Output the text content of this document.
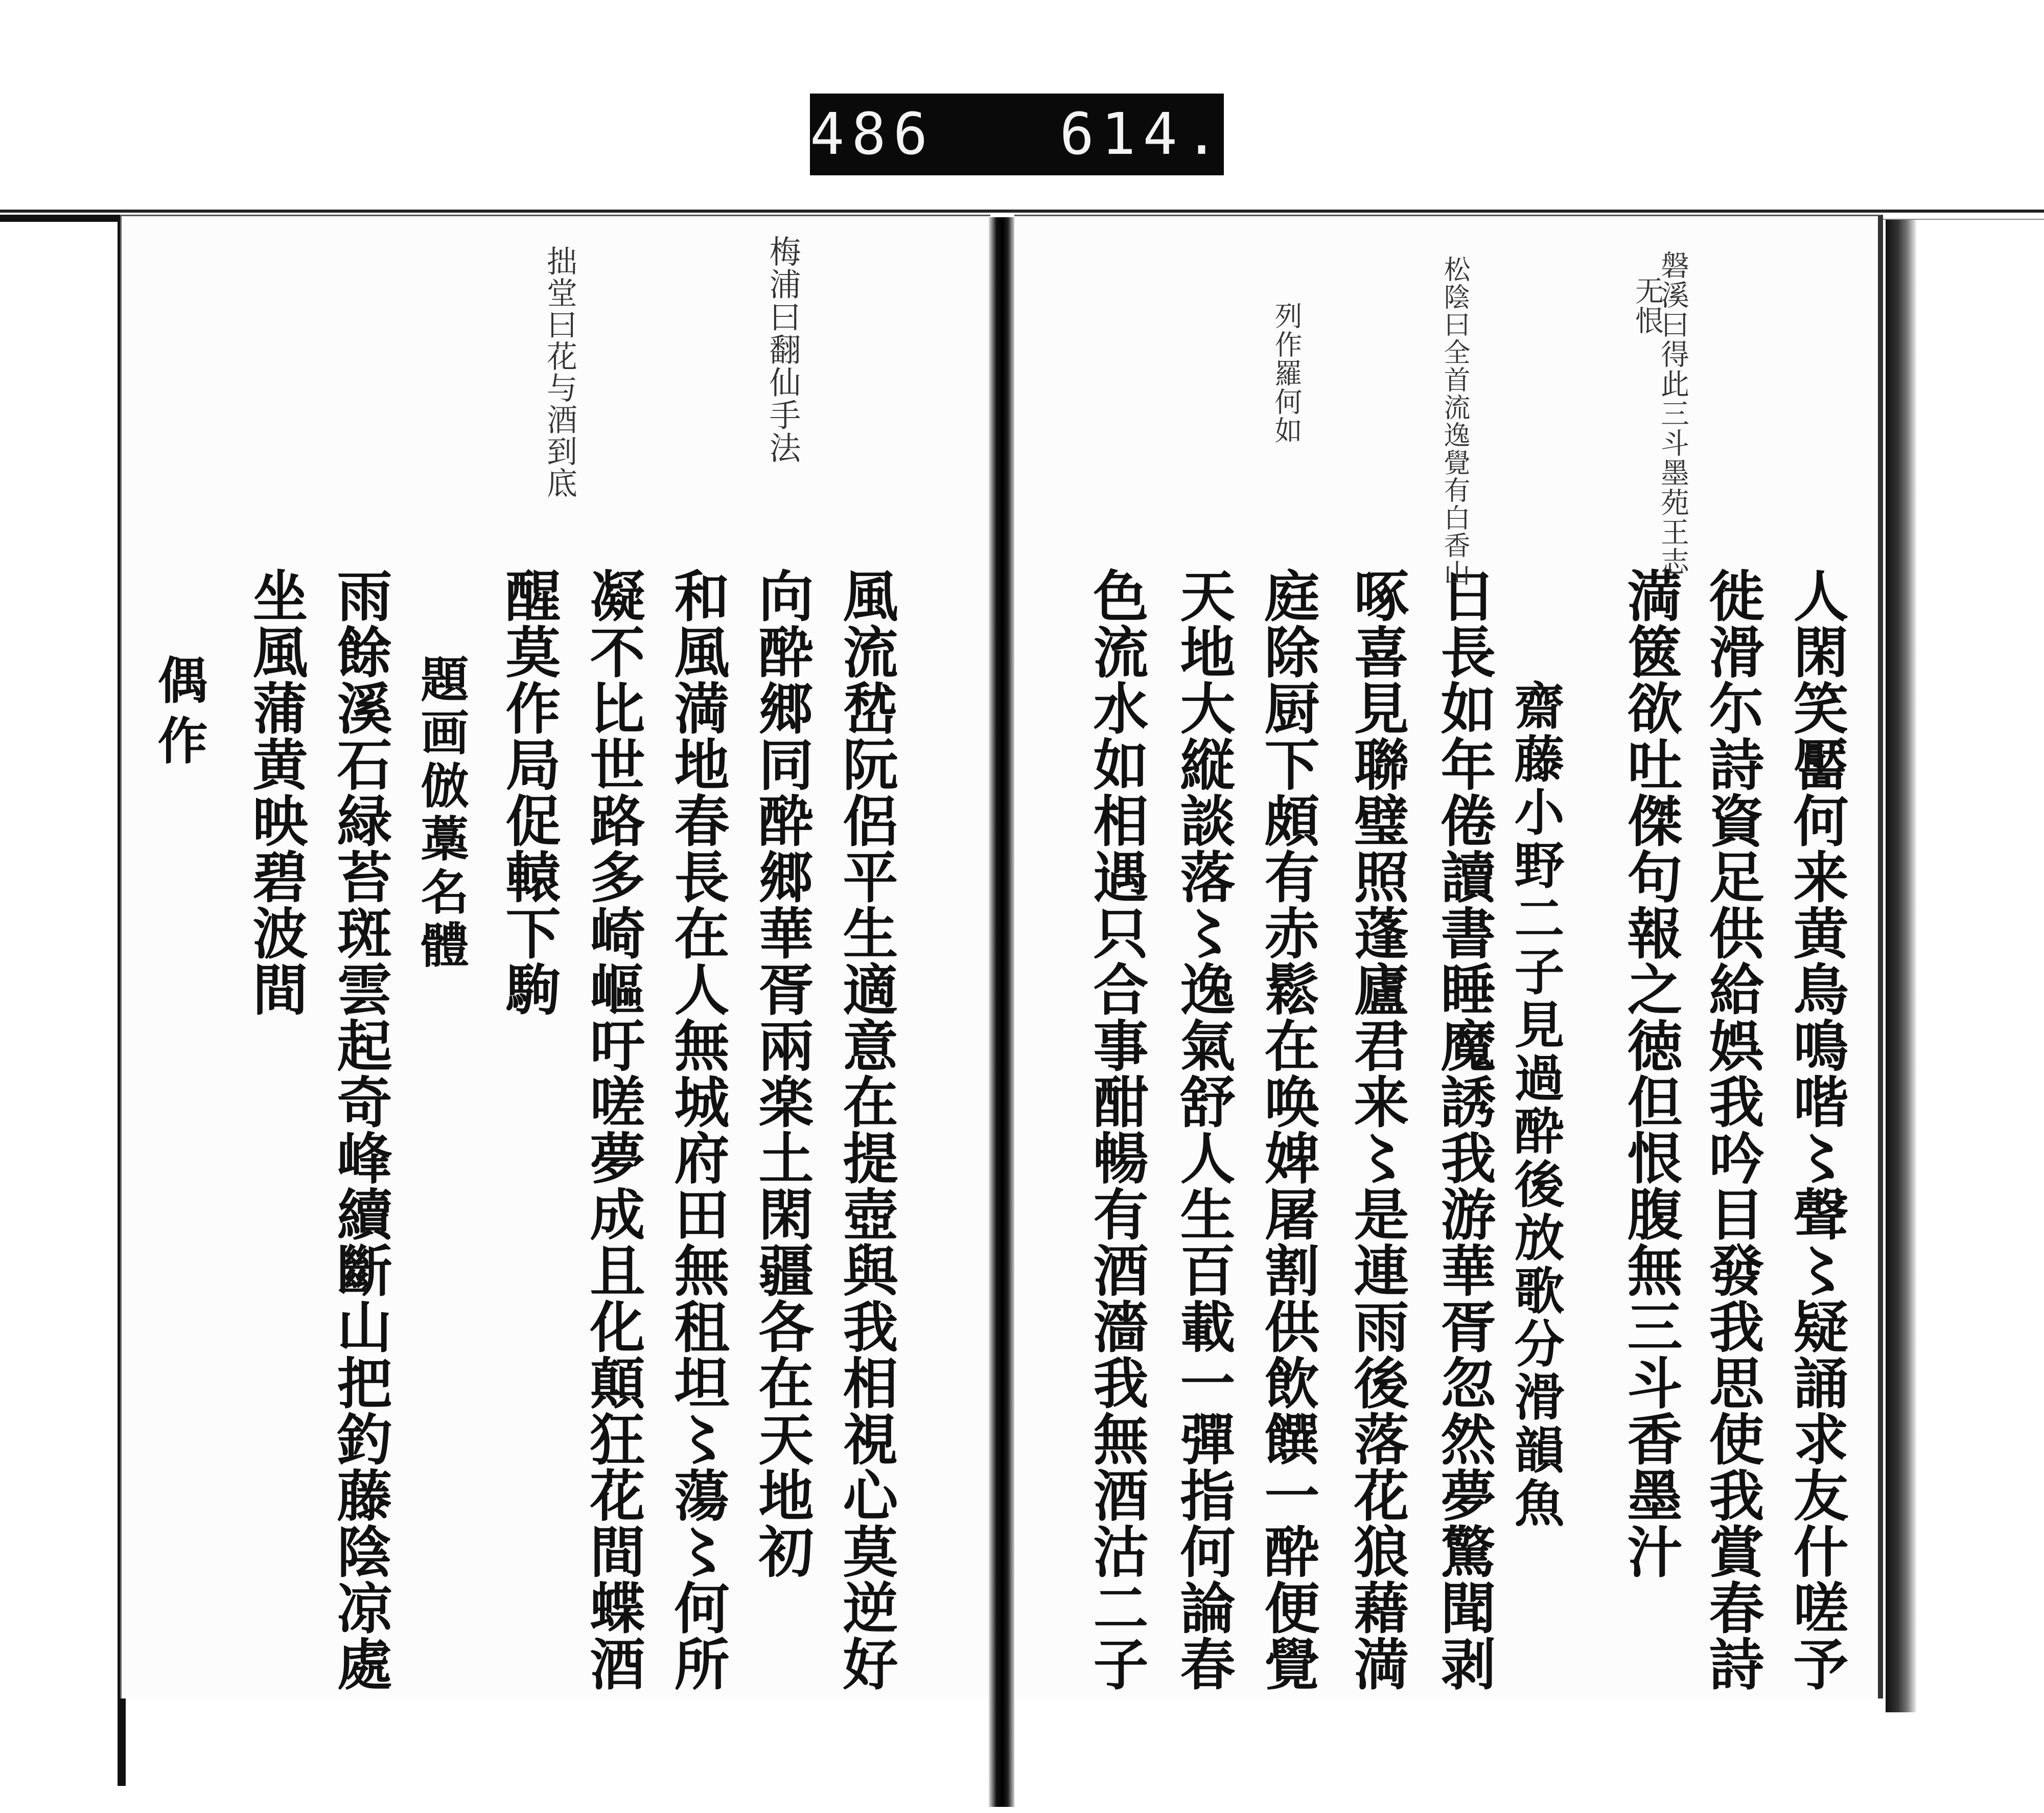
486   614.
人閑笑靨何来黄鳥鳴喈〻聲〻疑誦求友什嗟予
徙滑尓詩資足供給娯我吟目發我思使我賞春詩
満篋欲吐傑句報之徳但恨腹無三斗香墨汁
齋藤小野二子見過酔後放歌分滑韻魚
日長如年倦讀書睡魔誘我游華胥忽然夢驚聞剥
啄喜見聯璧照蓬廬君来〻是連雨後落花狼藉満
庭除厨下頗有赤鬆在唤婢屠割供飲饌一酔便覺
天地大縦談落〻逸氣舒人生百載一彈指何論春
色流水如相遇只合事酣暢有酒濇我無酒沽二子
磐溪曰得此三斗墨苑王志
无恨
松陰曰全首流逸覺有白香山
列作羅何如
風流嵆阮侶平生適意在提壺與我相視心莫逆好
向酔郷同酔郷華胥兩楽土閑疆各在天地初
和風満地春長在人無城府田無租坦〻蕩〻何所
凝不比世路多崎嶇吁嗟夢成且化顛狂花間蝶酒
醒莫作局促轅下駒
題画倣藁名體
雨餘溪石緑苔斑雲起奇峰續斷山把釣藤陰凉處
坐風蒲黄映碧波間
偶作
梅浦曰翻仙手法
拙堂曰花与酒到底
